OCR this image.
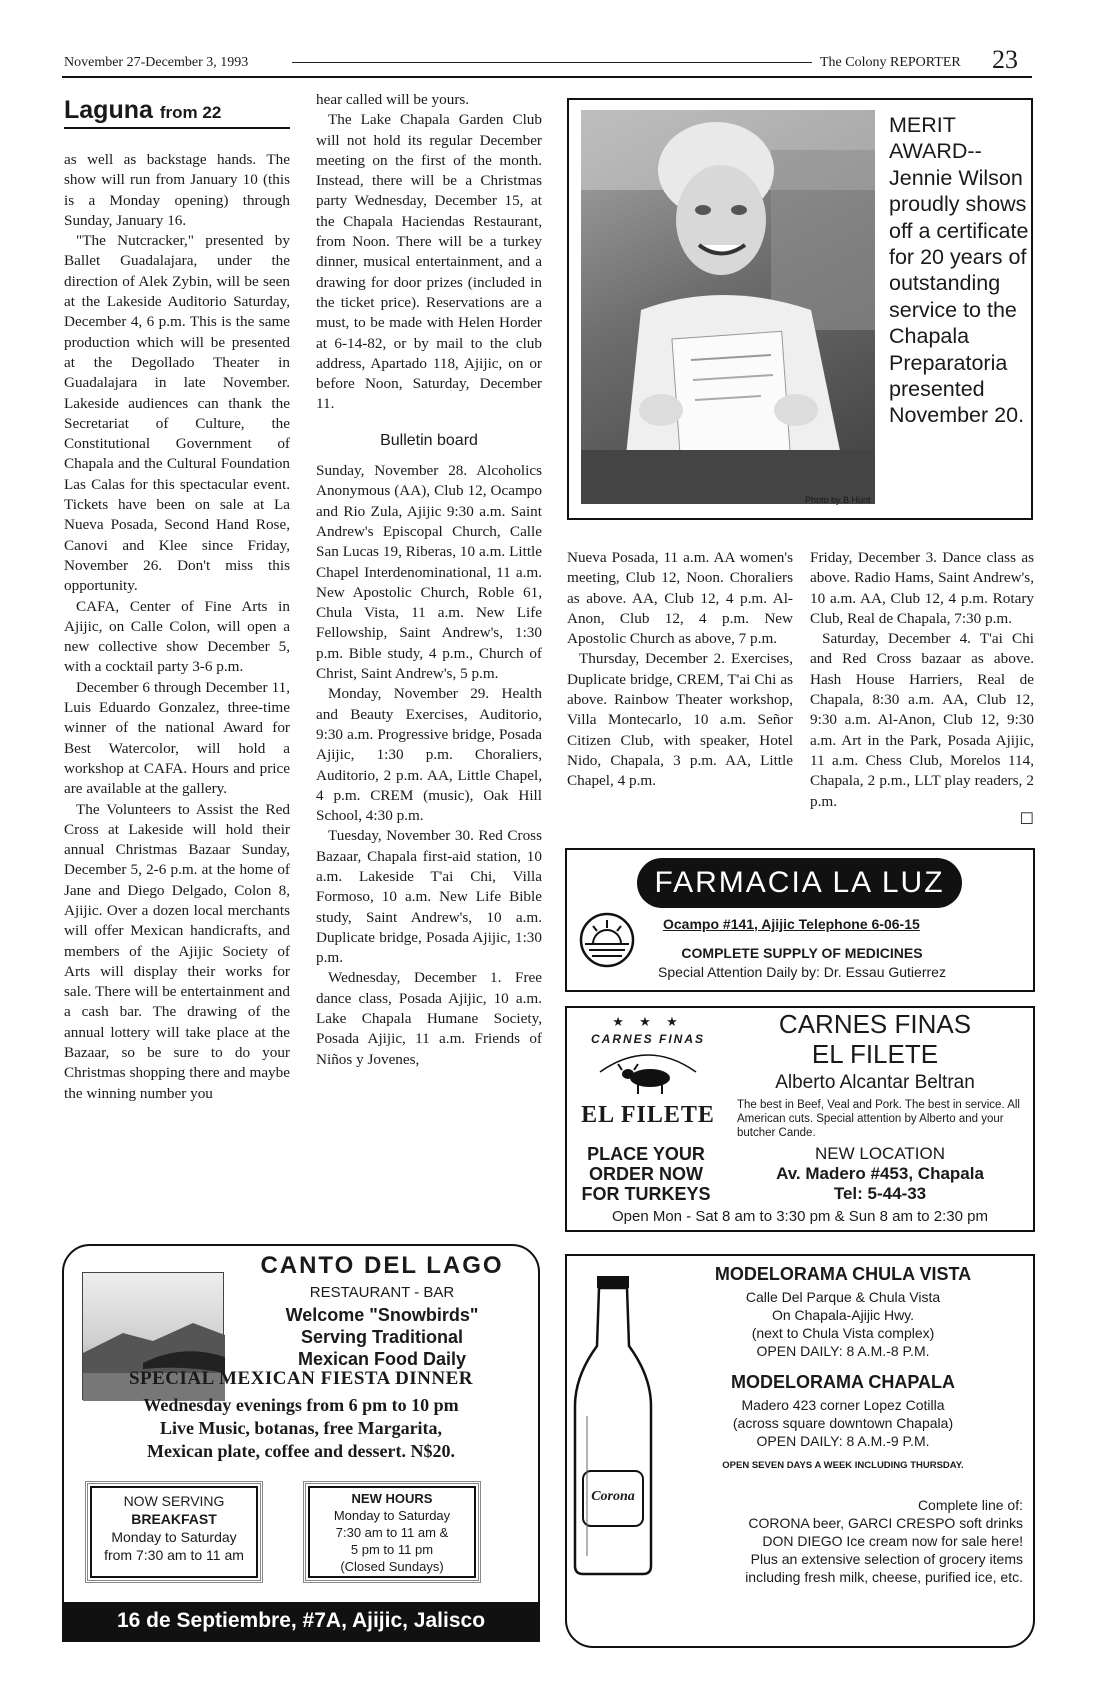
November 27-December 3, 1993	The Colony REPORTER 23
Laguna from 22

as well as backstage hands. The show will run from January 10 (this is a Monday opening) through Sunday, January 16.

"The Nutcracker," presented by Ballet Guadalajara, under the direction of Alek Zybin, will be seen at the Lakeside Auditorio Saturday, December 4, 6 p.m. This is the same production which will be presented at the Degollado Theater in Guadalajara in late November. Lakeside audiences can thank the Secretariat of Culture, the Constitutional Government of Chapala and the Cultural Foundation Las Calas for this spectacular event. Tickets have been on sale at La Nueva Posada, Second Hand Rose, Canovi and Klee since Friday, November 26. Don't miss this opportunity.

CAFA, Center of Fine Arts in Ajijic, on Calle Colon, will open a new collective show December 5, with a cocktail party 3-6 p.m.

December 6 through December 11, Luis Eduardo Gonzalez, three-time winner of the national Award for Best Watercolor, will hold a workshop at CAFA. Hours and price are available at the gallery.

The Volunteers to Assist the Red Cross at Lakeside will hold their annual Christmas Bazaar Sunday, December 5, 2-6 p.m. at the home of Jane and Diego Delgado, Colon 8, Ajijic. Over a dozen local merchants will offer Mexican handicrafts, and members of the Ajijic Society of Arts will display their works for sale. There will be entertainment and a cash bar. The drawing of the annual lottery will take place at the Bazaar, so be sure to do your Christmas shopping there and maybe the winning number you

hear called will be yours.

The Lake Chapala Garden Club will not hold its regular December meeting on the first of the month. Instead, there will be a Christmas party Wednesday, December 15, at the Chapala Haciendas Restaurant, from Noon. There will be a turkey dinner, musical entertainment, and a drawing for door prizes (included in the ticket price). Reservations are a must, to be made with Helen Horder at 6-14-82, or by mail to the club address, Apartado 118, Ajijic, on or before Noon, Saturday, December 11.

Bulletin board

Sunday, November 28. Alcoholics Anonymous (AA), Club 12, Ocampo and Rio Zula, Ajijic 9:30 a.m. Saint Andrew's Episcopal Church, Calle San Lucas 19, Riberas, 10 a.m. Little Chapel Interdenominational, 11 a.m. New Apostolic Church, Roble 61, Chula Vista, 11 a.m. New Life Fellowship, Saint Andrew's, 1:30 p.m. Bible study, 4 p.m., Church of Christ, Saint Andrew's, 5 p.m.

Monday, November 29. Health and Beauty Exercises, Auditorio, 9:30 a.m. Progressive bridge, Posada Ajijic, 1:30 p.m. Choraliers, Auditorio, 2 p.m. AA, Little Chapel, 4 p.m. CREM (music), Oak Hill School, 4:30 p.m.

Tuesday, November 30. Red Cross Bazaar, Chapala first-aid station, 10 a.m. Lakeside T'ai Chi, Villa Formoso, 10 a.m. New Life Bible study, Saint Andrew's, 10 a.m. Duplicate bridge, Posada Ajijic, 1:30 p.m.

Wednesday, December 1. Free dance class, Posada Ajijic, 10 a.m. Lake Chapala Humane Society, Posada Ajijic, 11 a.m. Friends of Niños y Jovenes,

Photo by B Hunt
MERIT AWARD-- Jennie Wilson proudly shows off a certificate for 20 years of outstanding service to the Chapala Preparatoria presented November 20.

Nueva Posada, 11 a.m. AA women's meeting, Club 12, Noon. Choraliers as above. AA, Club 12, 4 p.m. Al-Anon, Club 12, 4 p.m. New Apostolic Church as above, 7 p.m.

Thursday, December 2. Exercises, Duplicate bridge, CREM, T'ai Chi as above. Rainbow Theater workshop, Villa Montecarlo, 10 a.m. Señor Citizen Club, with speaker, Hotel Nido, Chapala, 3 p.m. AA, Little Chapel, 4 p.m.

Friday, December 3. Dance class as above. Radio Hams, Saint Andrew's, 10 a.m. AA, Club 12, 4 p.m. Rotary Club, Real de Chapala, 7:30 p.m.

Saturday, December 4. T'ai Chi and Red Cross bazaar as above. Hash House Harriers, Real de Chapala, 8:30 a.m. AA, Club 12, 9:30 a.m. Al-Anon, Club 12, 9:30 a.m. Art in the Park, Posada Ajijic, 11 a.m. Chess Club, Morelos 114, Chapala, 2 p.m., LLT play readers, 2 p.m.

☐
FARMACIA LA LUZ
Ocampo #141, Ajijic Telephone 6-06-15
COMPLETE SUPPLY OF MEDICINES
Special Attention Daily by: Dr. Essau Gutierrez
★ ★ ★
CARNES FINAS
EL FILETE
CARNES FINAS
EL FILETE
Alberto Alcantar Beltran
The best in Beef, Veal and Pork. The best in service. All American cuts. Special attention by Alberto and your butcher Cande.
PLACE YOUR
ORDER NOW
FOR TURKEYS
NEW LOCATION
Av. Madero #453, Chapala
Tel: 5-44-33
Open Mon - Sat 8 am to 3:30 pm & Sun 8 am to 2:30 pm
CANTO DEL LAGO
RESTAURANT - BAR
Welcome "Snowbirds"
Serving Traditional
Mexican Food Daily
SPECIAL MEXICAN FIESTA DINNER
Wednesday evenings from 6 pm to 10 pm
Live Music, botanas, free Margarita,
Mexican plate, coffee and dessert. N$20.
NOW SERVING
BREAKFAST
Monday to Saturday
from 7:30 am to 11 am
NEW HOURS
Monday to Saturday
7:30 am to 11 am &
5 pm to 11 pm
(Closed Sundays)
16 de Septiembre, #7A, Ajijic, Jalisco
Corona
MODELORAMA CHULA VISTA
Calle Del Parque & Chula Vista
On Chapala-Ajijic Hwy.
(next to Chula Vista complex)
OPEN DAILY: 8 A.M.-8 P.M.
MODELORAMA CHAPALA
Madero 423 corner Lopez Cotilla
(across square downtown Chapala)
OPEN DAILY: 8 A.M.-9 P.M.
OPEN SEVEN DAYS A WEEK INCLUDING THURSDAY.
Complete line of:
CORONA beer, GARCI CRESPO soft drinks
DON DIEGO Ice cream now for sale here!
Plus an extensive selection of grocery items
including fresh milk, cheese, purified ice, etc.
